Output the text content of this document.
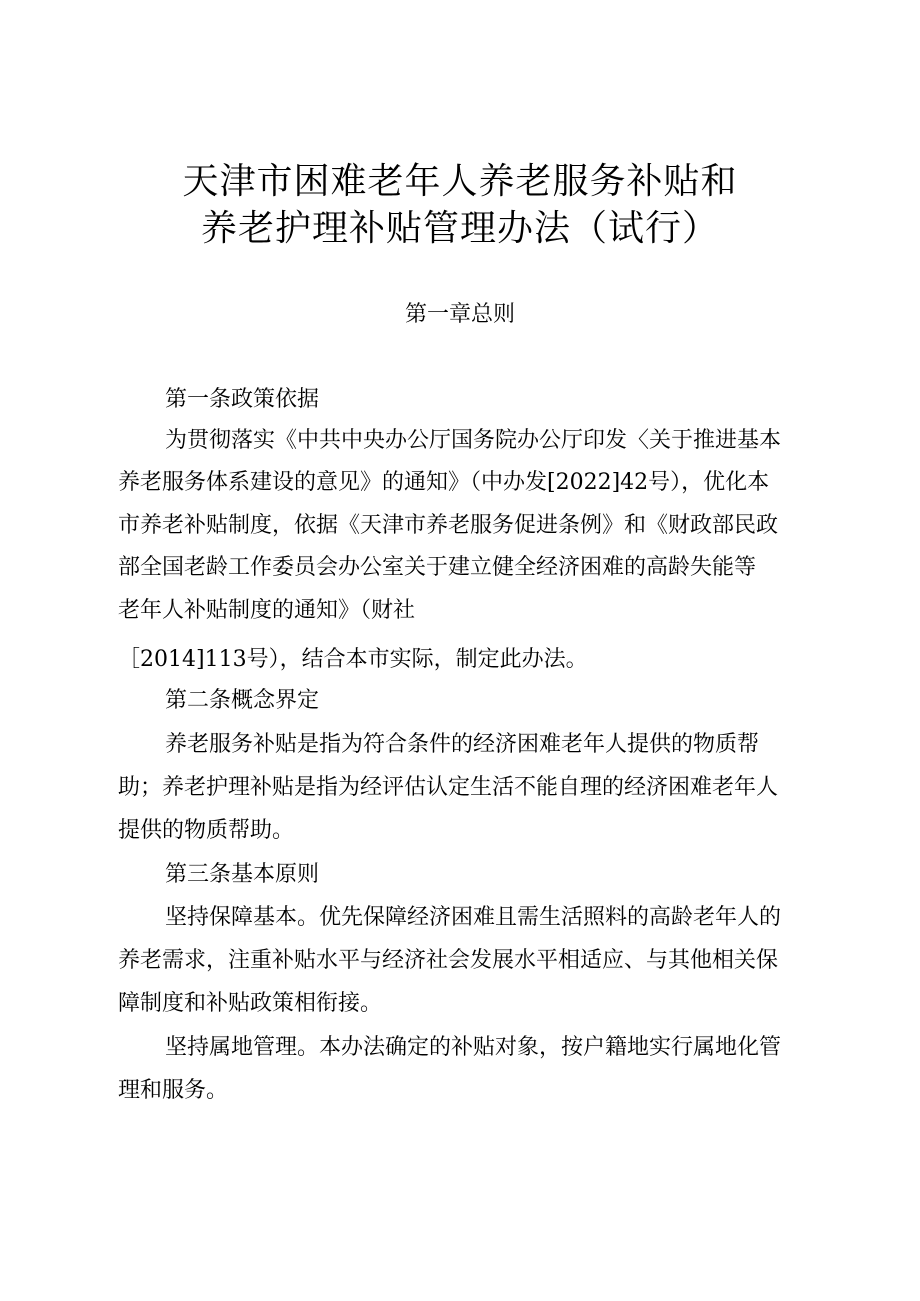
天津市困难老年人养老服务补贴和
养老护理补贴管理办法（试行）
第一章总则
第一条政策依据
为贯彻落实《中共中央办公厅国务院办公厅印发〈关于推进基本
养老服务体系建设的意见》的通知》（中办发[2022]42号），优化本
市养老补贴制度，依据《天津市养老服务促进条例》和《财政部民政
部全国老龄工作委员会办公室关于建立健全经济困难的高龄失能等
老年人补贴制度的通知》（财社
［2014]113号），结合本市实际，制定此办法。
第二条概念界定
养老服务补贴是指为符合条件的经济困难老年人提供的物质帮
助；养老护理补贴是指为经评估认定生活不能自理的经济困难老年人
提供的物质帮助。
第三条基本原则
坚持保障基本。优先保障经济困难且需生活照料的高龄老年人的
养老需求，注重补贴水平与经济社会发展水平相适应、与其他相关保
障制度和补贴政策相衔接。
坚持属地管理。本办法确定的补贴对象，按户籍地实行属地化管
理和服务。
